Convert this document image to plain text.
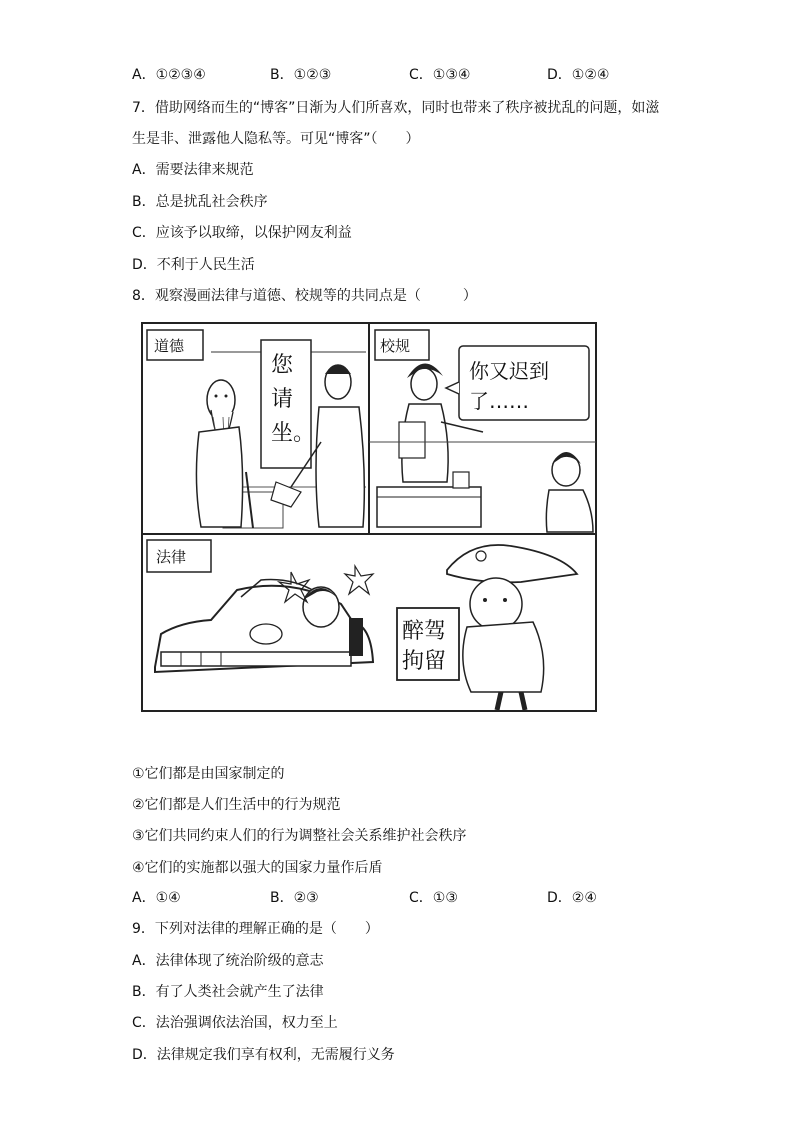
A．①②③④	B．①②③	C．①③④	D．①②④
7．借助网络而生的“博客”日渐为人们所喜欢，同时也带来了秩序被扰乱的问题，如滋
生是非、泄露他人隐私等。可见“博客”（　　）
A．需要法律来规范
B．总是扰乱社会秩序
C．应该予以取缔，以保护网友利益
D．不利于人民生活
8．观察漫画法律与道德、校规等的共同点是（　　　）
道德
您
请
坐。
校规
你又迟到
了……
法律
醉驾
拘留
①它们都是由国家制定的
②它们都是人们生活中的行为规范
③它们共同约束人们的行为调整社会关系维护社会秩序
④它们的实施都以强大的国家力量作后盾
A．①④	B．②③	C．①③	D．②④
9．下列对法律的理解正确的是（　　）
A．法律体现了统治阶级的意志
B．有了人类社会就产生了法律
C．法治强调依法治国，权力至上
D．法律规定我们享有权利，无需履行义务
